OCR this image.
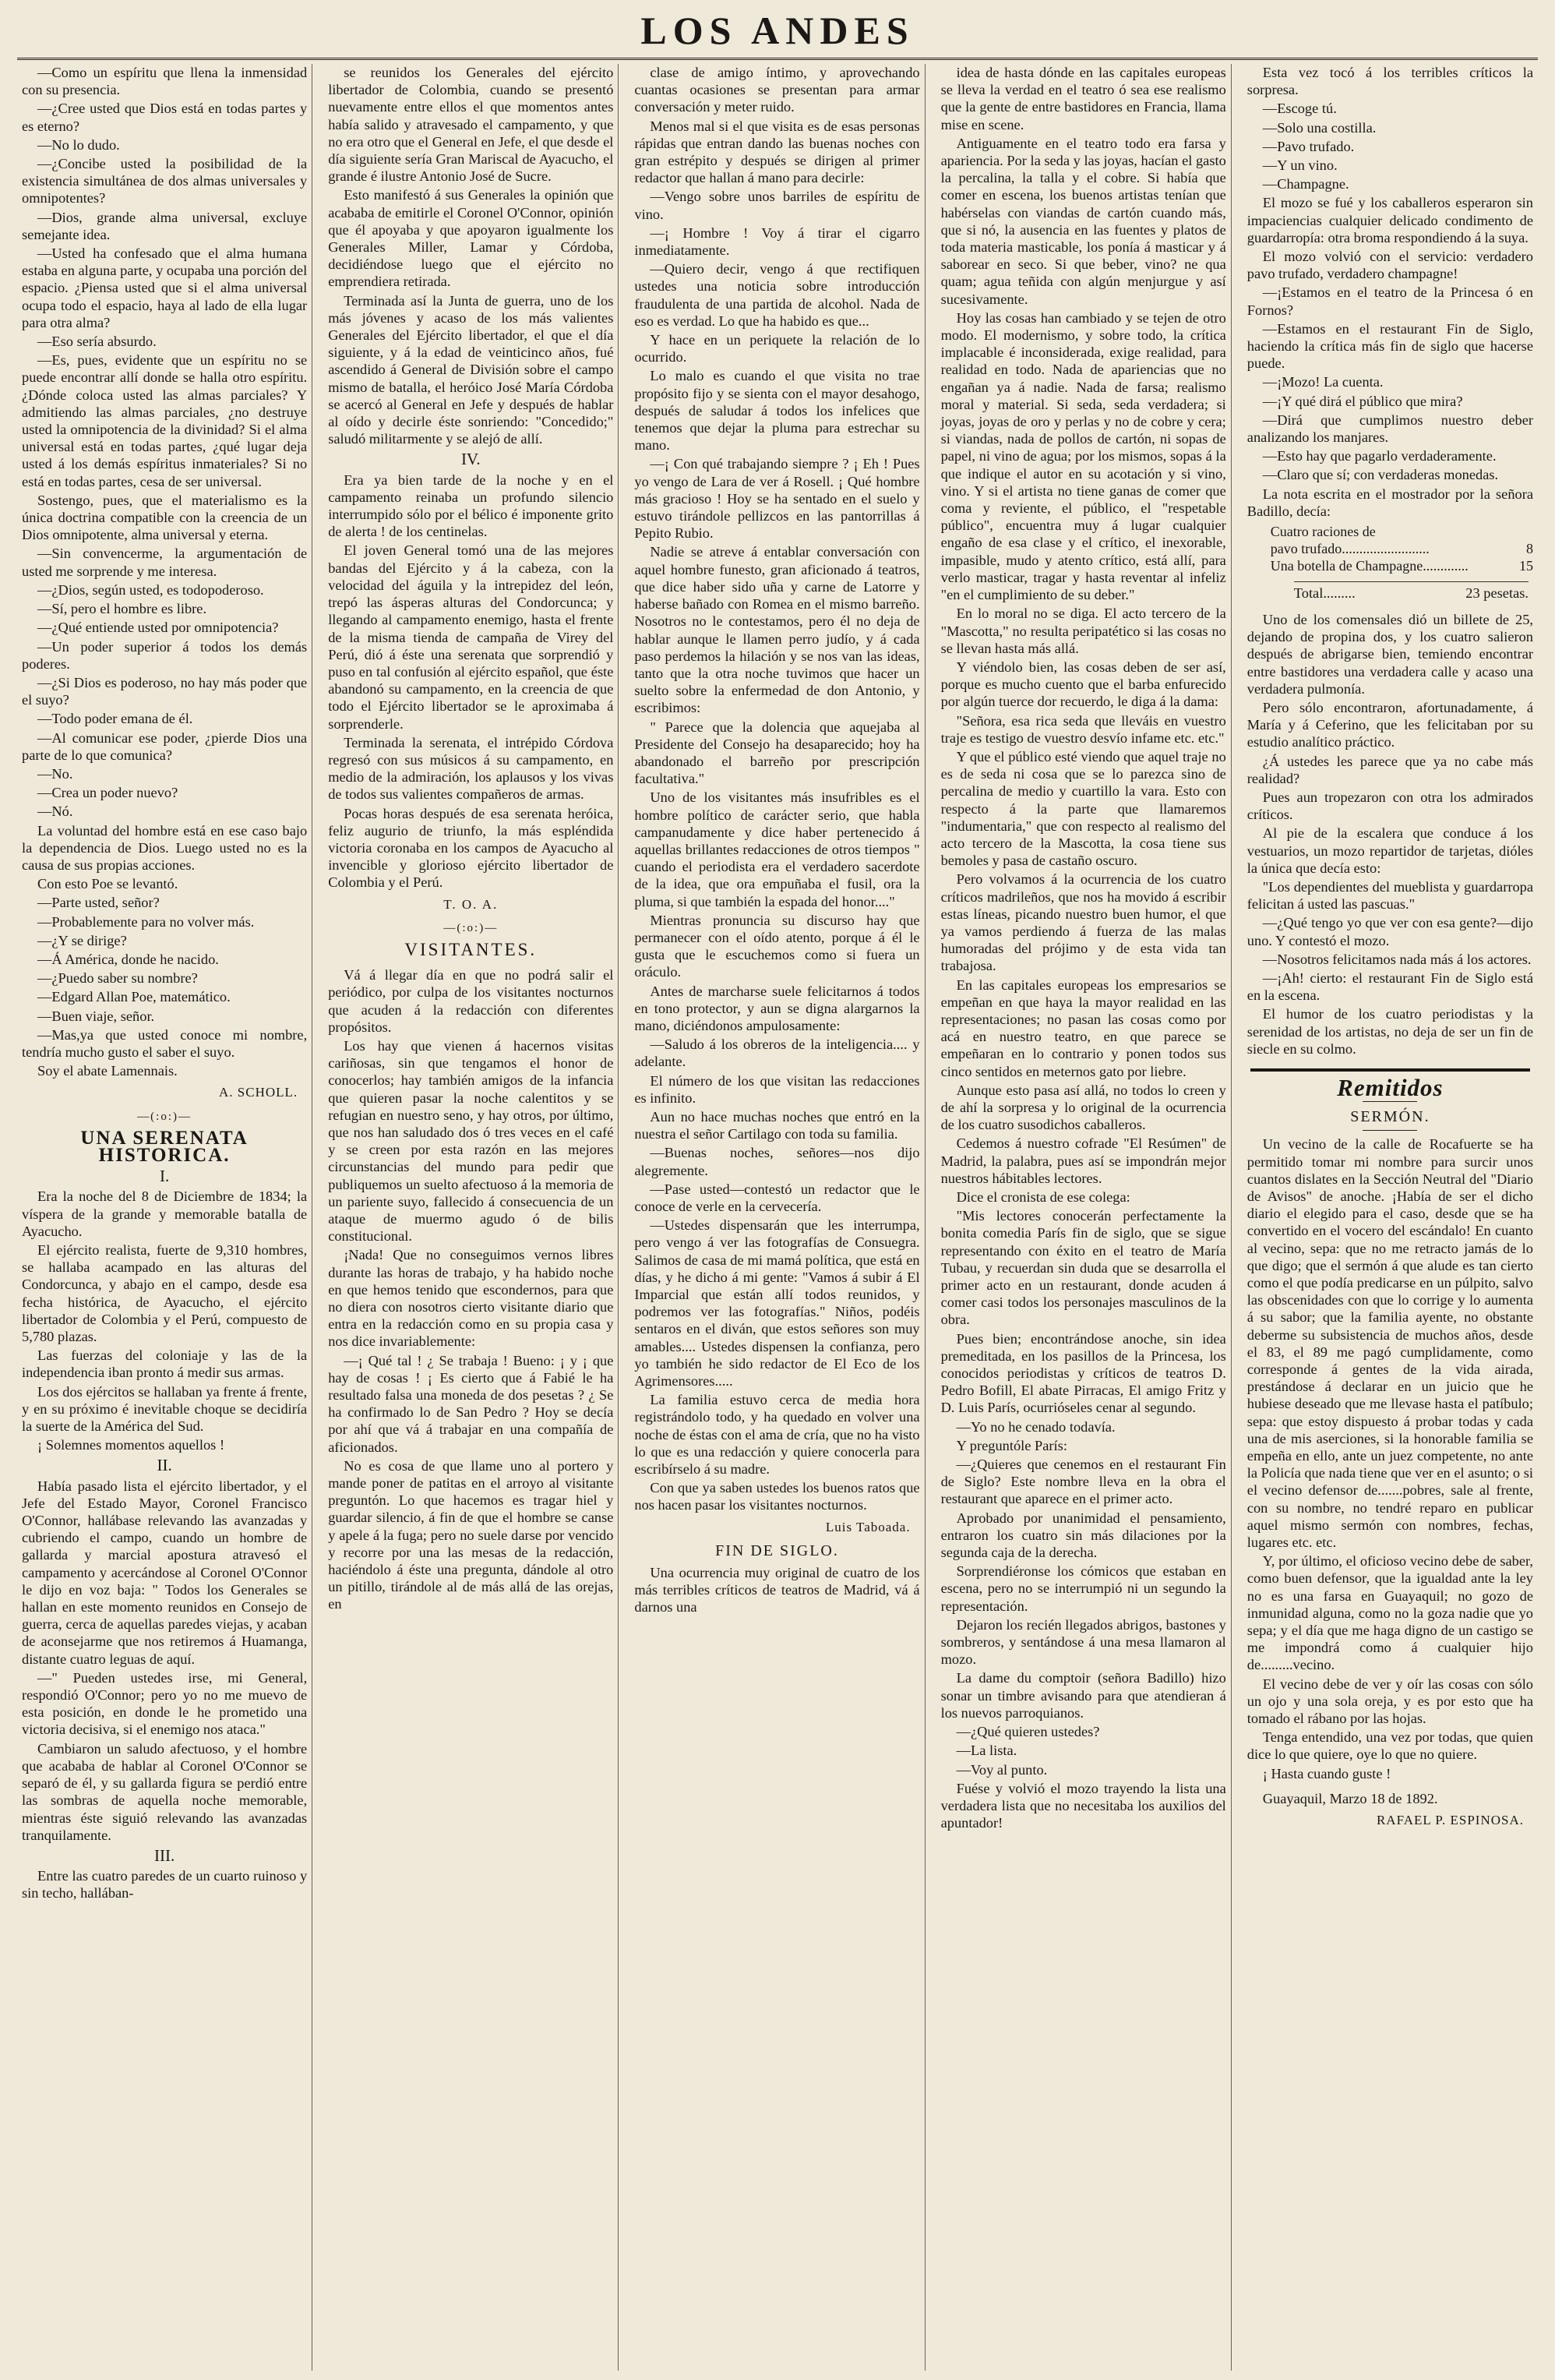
LOS ANDES

—Como un espíritu que llena la inmensidad con su presencia.

—¿Cree usted que Dios está en todas partes y es eterno?

—No lo dudo.

—¿Concibe usted la posibilidad de la existencia simultánea de dos almas universales y omnipotentes?

—Dios, grande alma universal, excluye semejante idea.

—Usted ha confesado que el alma humana estaba en alguna parte, y ocupaba una porción del espacio. ¿Piensa usted que si el alma universal ocupa todo el espacio, haya al lado de ella lugar para otra alma?

—Eso sería absurdo.

—Es, pues, evidente que un espíritu no se puede encontrar allí donde se halla otro espíritu. ¿Dónde coloca usted las almas parciales? Y admitiendo las almas parciales, ¿no destruye usted la omnipotencia de la divinidad? Si el alma universal está en todas partes, ¿qué lugar deja usted á los demás espíritus inmateriales? Si no está en todas partes, cesa de ser universal.

Sostengo, pues, que el materialismo es la única doctrina compatible con la creencia de un Dios omnipotente, alma universal y eterna.

—Sin convencerme, la argumentación de usted me sorprende y me interesa.

—¿Dios, según usted, es todopoderoso.

—Sí, pero el hombre es libre.

—¿Qué entiende usted por omnipotencia?

—Un poder superior á todos los demás poderes.

—¿Si Dios es poderoso, no hay más poder que el suyo?

—Todo poder emana de él.

—Al comunicar ese poder, ¿pierde Dios una parte de lo que comunica?

—No.

—Crea un poder nuevo?

—Nó.

La voluntad del hombre está en ese caso bajo la dependencia de Dios. Luego usted no es la causa de sus propias acciones.

Con esto Poe se levantó.

—Parte usted, señor?

—Probablemente para no volver más.

—¿Y se dirige?

—Á América, donde he nacido.

—¿Puedo saber su nombre?

—Edgard Allan Poe, matemático.

—Buen viaje, señor.

—Mas,ya que usted conoce mi nombre, tendría mucho gusto el saber el suyo.

Soy el abate Lamennais.

A. SCHOLL.
—(:o:)—
UNA SERENATA HISTORICA.
I.

Era la noche del 8 de Diciembre de 1834; la víspera de la grande y memorable batalla de Ayacucho.

El ejército realista, fuerte de 9,310 hombres, se hallaba acampado en las alturas del Condorcunca, y abajo en el campo, desde esa fecha histórica, de Ayacucho, el ejército libertador de Colombia y el Perú, compuesto de 5,780 plazas.

Las fuerzas del coloniaje y las de la independencia iban pronto á medir sus armas.

Los dos ejércitos se hallaban ya frente á frente, y en su próximo é inevitable choque se decidiría la suerte de la América del Sud.

¡ Solemnes momentos aquellos !

II.

Había pasado lista el ejército libertador, y el Jefe del Estado Mayor, Coronel Francisco O'Connor, hallábase relevando las avanzadas y cubriendo el campo, cuando un hombre de gallarda y marcial apostura atravesó el campamento y acercándose al Coronel O'Connor le dijo en voz baja: " Todos los Generales se hallan en este momento reunidos en Consejo de guerra, cerca de aquellas paredes viejas, y acaban de aconsejarme que nos retiremos á Huamanga, distante cuatro leguas de aquí.

—" Pueden ustedes irse, mi General, respondió O'Connor; pero yo no me muevo de esta posición, en donde le he prometido una victoria decisiva, si el enemigo nos ataca."

Cambiaron un saludo afectuoso, y el hombre que acababa de hablar al Coronel O'Connor se separó de él, y su gallarda figura se perdió entre las sombras de aquella noche memorable, mientras éste siguió relevando las avanzadas tranquilamente.

III.

Entre las cuatro paredes de un cuarto ruinoso y sin techo, hallában-

se reunidos los Generales del ejército libertador de Colombia, cuando se presentó nuevamente entre ellos el que momentos antes había salido y atravesado el campamento, y que no era otro que el General en Jefe, el que desde el día siguiente sería Gran Mariscal de Ayacucho, el grande é ilustre Antonio José de Sucre.

Esto manifestó á sus Generales la opinión que acababa de emitirle el Coronel O'Connor, opinión que él apoyaba y que apoyaron igualmente los Generales Miller, Lamar y Córdoba, decidiéndose luego que el ejército no emprendiera retirada.

Terminada así la Junta de guerra, uno de los más jóvenes y acaso de los más valientes Generales del Ejército libertador, el que el día siguiente, y á la edad de veinticinco años, fué ascendido á General de División sobre el campo mismo de batalla, el heróico José María Córdoba se acercó al General en Jefe y después de hablar al oído y decirle éste sonriendo: "Concedido;" saludó militarmente y se alejó de allí.

IV.

Era ya bien tarde de la noche y en el campamento reinaba un profundo silencio interrumpido sólo por el bélico é imponente grito de alerta ! de los centinelas.

El joven General tomó una de las mejores bandas del Ejército y á la cabeza, con la velocidad del águila y la intrepidez del león, trepó las ásperas alturas del Condorcunca; y llegando al campamento enemigo, hasta el frente de la misma tienda de campaña de Virey del Perú, dió á éste una serenata que sorprendió y puso en tal confusión al ejército español, que éste abandonó su campamento, en la creencia de que todo el Ejército libertador se le aproximaba á sorprenderle.

Terminada la serenata, el intrépido Córdova regresó con sus músicos á su campamento, en medio de la admiración, los aplausos y los vivas de todos sus valientes compañeros de armas.

Pocas horas después de esa serenata heróica, feliz augurio de triunfo, la más espléndida victoria coronaba en los campos de Ayacucho al invencible y glorioso ejército libertador de Colombia y el Perú.

T. O. A.
—(:o:)—
VISITANTES.

Vá á llegar día en que no podrá salir el periódico, por culpa de los visitantes nocturnos que acuden á la redacción con diferentes propósitos.

Los hay que vienen á hacernos visitas cariñosas, sin que tengamos el honor de conocerlos; hay también amigos de la infancia que quieren pasar la noche calentitos y se refugian en nuestro seno, y hay otros, por último, que nos han saludado dos ó tres veces en el café y se creen por esta razón en las mejores circunstancias del mundo para pedir que publiquemos un suelto afectuoso á la memoria de un pariente suyo, fallecido á consecuencia de un ataque de muermo agudo ó de bilis constitucional.

¡Nada! Que no conseguimos vernos libres durante las horas de trabajo, y ha habido noche en que hemos tenido que escondernos, para que no diera con nosotros cierto visitante diario que entra en la redacción como en su propia casa y nos dice invariablemente:

—¡ Qué tal ! ¿ Se trabaja ! Bueno: ¡ y ¡ que hay de cosas ! ¡ Es cierto que á Fabié le ha resultado falsa una moneda de dos pesetas ? ¿ Se ha confirmado lo de San Pedro ? Hoy se decía por ahí que vá á trabajar en una compañía de aficionados.

No es cosa de que llame uno al portero y mande poner de patitas en el arroyo al visitante preguntón. Lo que hacemos es tragar hiel y guardar silencio, á fin de que el hombre se canse y apele á la fuga; pero no suele darse por vencido y recorre por una las mesas de la redacción, haciéndolo á éste una pregunta, dándole al otro un pitillo, tirándole al de más allá de las orejas, en

clase de amigo íntimo, y aprovechando cuantas ocasiones se presentan para armar conversación y meter ruido.

Menos mal si el que visita es de esas personas rápidas que entran dando las buenas noches con gran estrépito y después se dirigen al primer redactor que hallan á mano para decirle:

—Vengo sobre unos barriles de espíritu de vino.

—¡ Hombre ! Voy á tirar el cigarro inmediatamente.

—Quiero decir, vengo á que rectifiquen ustedes una noticia sobre introducción fraudulenta de una partida de alcohol. Nada de eso es verdad. Lo que ha habido es que...

Y hace en un periquete la relación de lo ocurrido.

Lo malo es cuando el que visita no trae propósito fijo y se sienta con el mayor desahogo, después de saludar á todos los infelices que tenemos que dejar la pluma para estrechar su mano.

—¡ Con qué trabajando siempre ? ¡ Eh ! Pues yo vengo de Lara de ver á Rosell. ¡ Qué hombre más gracioso ! Hoy se ha sentado en el suelo y estuvo tirándole pellizcos en las pantorrillas á Pepito Rubio.

Nadie se atreve á entablar conversación con aquel hombre funesto, gran aficionado á teatros, que dice haber sido uña y carne de Latorre y haberse bañado con Romea en el mismo barreño. Nosotros no le contestamos, pero él no deja de hablar aunque le llamen perro judío, y á cada paso perdemos la hilación y se nos van las ideas, tanto que la otra noche tuvimos que hacer un suelto sobre la enfermedad de don Antonio, y escribimos:

" Parece que la dolencia que aquejaba al Presidente del Consejo ha desaparecido; hoy ha abandonado el barreño por prescripción facultativa."

Uno de los visitantes más insufribles es el hombre político de carácter serio, que habla campanudamente y dice haber pertenecido á aquellas brillantes redacciones de otros tiempos " cuando el periodista era el verdadero sacerdote de la idea, que ora empuñaba el fusil, ora la pluma, si que también la espada del honor...."

Mientras pronuncia su discurso hay que permanecer con el oído atento, porque á él le gusta que le escuchemos como si fuera un oráculo.

Antes de marcharse suele felicitarnos á todos en tono protector, y aun se digna alargarnos la mano, diciéndonos ampulosamente:

—Saludo á los obreros de la inteligencia.... y adelante.

El número de los que visitan las redacciones es infinito.

Aun no hace muchas noches que entró en la nuestra el señor Cartilago con toda su familia.

—Buenas noches, señores—nos dijo alegremente.

—Pase usted—contestó un redactor que le conoce de verle en la cervecería.

—Ustedes dispensarán que les interrumpa, pero vengo á ver las fotografías de Consuegra. Salimos de casa de mi mamá política, que está en días, y he dicho á mi gente: "Vamos á subir á El Imparcial que están allí todos reunidos, y podremos ver las fotografías." Niños, podéis sentaros en el diván, que estos señores son muy amables.... Ustedes dispensen la confianza, pero yo también he sido redactor de El Eco de los Agrimensores.....

La familia estuvo cerca de media hora registrándolo todo, y ha quedado en volver una noche de éstas con el ama de cría, que no ha visto lo que es una redacción y quiere conocerla para escribírselo á su madre.

Con que ya saben ustedes los buenos ratos que nos hacen pasar los visitantes nocturnos.

Luis Taboada.
FIN DE SIGLO.

Una ocurrencia muy original de cuatro de los más terribles críticos de teatros de Madrid, vá á darnos una

idea de hasta dónde en las capitales europeas se lleva la verdad en el teatro ó sea ese realismo que la gente de entre bastidores en Francia, llama mise en scene.

Antiguamente en el teatro todo era farsa y apariencia. Por la seda y las joyas, hacían el gasto la percalina, la talla y el cobre. Si había que comer en escena, los buenos artistas tenían que habérselas con viandas de cartón cuando más, que si nó, la ausencia en las fuentes y platos de toda materia masticable, los ponía á masticar y á saborear en seco. Si que beber, vino? ne qua quam; agua teñida con algún menjurgue y así sucesivamente.

Hoy las cosas han cambiado y se tejen de otro modo. El modernismo, y sobre todo, la crítica implacable é inconsiderada, exige realidad, para realidad en todo. Nada de apariencias que no engañan ya á nadie. Nada de farsa; realismo moral y material. Si seda, seda verdadera; si joyas, joyas de oro y perlas y no de cobre y cera; si viandas, nada de pollos de cartón, ni sopas de papel, ni vino de agua; por los mismos, sopas á la que indique el autor en su acotación y si vino, vino. Y si el artista no tiene ganas de comer que coma y reviente, el público, el "respetable público", encuentra muy á lugar cualquier engaño de esa clase y el crítico, el inexorable, impasible, mudo y atento crítico, está allí, para verlo masticar, tragar y hasta reventar al infeliz "en el cumplimiento de su deber."

En lo moral no se diga. El acto tercero de la "Mascotta," no resulta peripatético si las cosas no se llevan hasta más allá.

Y viéndolo bien, las cosas deben de ser así, porque es mucho cuento que el barba enfurecido por algún tuerce dor recuerdo, le diga á la dama:

"Señora, esa rica seda que lleváis en vuestro traje es testigo de vuestro desvío infame etc. etc."

Y que el público esté viendo que aquel traje no es de seda ni cosa que se lo parezca sino de percalina de medio y cuartillo la vara. Esto con respecto á la parte que llamaremos "indumentaria," que con respecto al realismo del acto tercero de la Mascotta, la cosa tiene sus bemoles y pasa de castaño oscuro.

Pero volvamos á la ocurrencia de los cuatro críticos madrileños, que nos ha movido á escribir estas líneas, picando nuestro buen humor, el que ya vamos perdiendo á fuerza de las malas humoradas del prójimo y de esta vida tan trabajosa.

En las capitales europeas los empresarios se empeñan en que haya la mayor realidad en las representaciones; no pasan las cosas como por acá en nuestro teatro, en que parece se empeñaran en lo contrario y ponen todos sus cinco sentidos en meternos gato por liebre.

Aunque esto pasa así allá, no todos lo creen y de ahí la sorpresa y lo original de la ocurrencia de los cuatro susodichos caballeros.

Cedemos á nuestro cofrade "El Resúmen" de Madrid, la palabra, pues así se impondrán mejor nuestros hábitables lectores.

Dice el cronista de ese colega:

"Mis lectores conocerán perfectamente la bonita comedia París fin de siglo, que se sigue representando con éxito en el teatro de María Tubau, y recuerdan sin duda que se desarrolla el primer acto en un restaurant, donde acuden á comer casi todos los personajes masculinos de la obra.

Pues bien; encontrándose anoche, sin idea premeditada, en los pasillos de la Princesa, los conocidos periodistas y críticos de teatros D. Pedro Bofill, El abate Pirracas, El amigo Fritz y D. Luis París, ocurrióseles cenar al segundo.

—Yo no he cenado todavía.

Y preguntóle París:

—¿Quieres que cenemos en el restaurant Fin de Siglo? Este nombre lleva en la obra el restaurant que aparece en el primer acto.

Aprobado por unanimidad el pensamiento, entraron los cuatro sin más dilaciones por la segunda caja de la derecha.

Sorprendiéronse los cómicos que estaban en escena, pero no se interrumpió ni un segundo la representación.

Dejaron los recién llegados abrigos, bastones y sombreros, y sentándose á una mesa llamaron al mozo.

La dame du comptoir (señora Badillo) hizo sonar un timbre avisando para que atendieran á los nuevos parroquianos.

—¿Qué quieren ustedes?

—La lista.

—Voy al punto.

Fuése y volvió el mozo trayendo la lista una verdadera lista que no necesitaba los auxilios del apuntador!

Esta vez tocó á los terribles críticos la sorpresa.

—Escoge tú.

—Solo una costilla.

—Pavo trufado.

—Y un vino.

—Champagne.

El mozo se fué y los caballeros esperaron sin impaciencias cualquier delicado condimento de guardarropía: otra broma respondiendo á la suya.

El mozo volvió con el servicio: verdadero pavo trufado, verdadero champagne!

—¡Estamos en el teatro de la Princesa ó en Fornos?

—Estamos en el restaurant Fin de Siglo, haciendo la crítica más fin de siglo que hacerse puede.

—¡Mozo! La cuenta.

—¡Y qué dirá el público que mira?

—Dirá que cumplimos nuestro deber analizando los manjares.

—Esto hay que pagarlo verdaderamente.

—Claro que sí; con verdaderas monedas.

La nota escrita en el mostrador por la señora Badillo, decía:

Cuatro raciones de
pavo trufado.........................	8
Una botella de Champagne.............	15
Total.........	23 pesetas.

Uno de los comensales dió un billete de 25, dejando de propina dos, y los cuatro salieron después de abrigarse bien, temiendo encontrar entre bastidores una verdadera calle y acaso una verdadera pulmonía.

Pero sólo encontraron, afortunadamente, á María y á Ceferino, que les felicitaban por su estudio analítico práctico.

¿Á ustedes les parece que ya no cabe más realidad?

Pues aun tropezaron con otra los admirados críticos.

Al pie de la escalera que conduce á los vestuarios, un mozo repartidor de tarjetas, dióles la única que decía esto:

"Los dependientes del mueblista y guardarropa felicitan á usted las pascuas."

—¿Qué tengo yo que ver con esa gente?—dijo uno. Y contestó el mozo.

—Nosotros felicitamos nada más á los actores.

—¡Ah! cierto: el restaurant Fin de Siglo está en la escena.

El humor de los cuatro periodistas y la serenidad de los artistas, no deja de ser un fin de siecle en su colmo.

Remitidos
SERMÓN.

Un vecino de la calle de Rocafuerte se ha permitido tomar mi nombre para surcir unos cuantos dislates en la Sección Neutral del "Diario de Avisos" de anoche. ¡Había de ser el dicho diario el elegido para el caso, desde que se ha convertido en el vocero del escándalo! En cuanto al vecino, sepa: que no me retracto jamás de lo que digo; que el sermón á que alude es tan cierto como el que podía predicarse en un púlpito, salvo las obscenidades con que lo corrige y lo aumenta á su sabor; que la familia ayente, no obstante deberme su subsistencia de muchos años, desde el 83, el 89 me pagó cumplidamente, como corresponde á gentes de la vida airada, prestándose á declarar en un juicio que he hubiese deseado que me llevase hasta el patíbulo; sepa: que estoy dispuesto á probar todas y cada una de mis aserciones, si la honorable familia se empeña en ello, ante un juez competente, no ante la Policía que nada tiene que ver en el asunto; o si el vecino defensor de.......pobres, sale al frente, con su nombre, no tendré reparo en publicar aquel mismo sermón con nombres, fechas, lugares etc. etc.

Y, por último, el oficioso vecino debe de saber, como buen defensor, que la igualdad ante la ley no es una farsa en Guayaquil; no gozo de inmunidad alguna, como no la goza nadie que yo sepa; y el día que me haga digno de un castigo se me impondrá como á cualquier hijo de.........vecino.

El vecino debe de ver y oír las cosas con sólo un ojo y una sola oreja, y es por esto que ha tomado el rábano por las hojas.

Tenga entendido, una vez por todas, que quien dice lo que quiere, oye lo que no quiere.

¡ Hasta cuando guste !

Guayaquil, Marzo 18 de 1892.

RAFAEL P. ESPINOSA.
